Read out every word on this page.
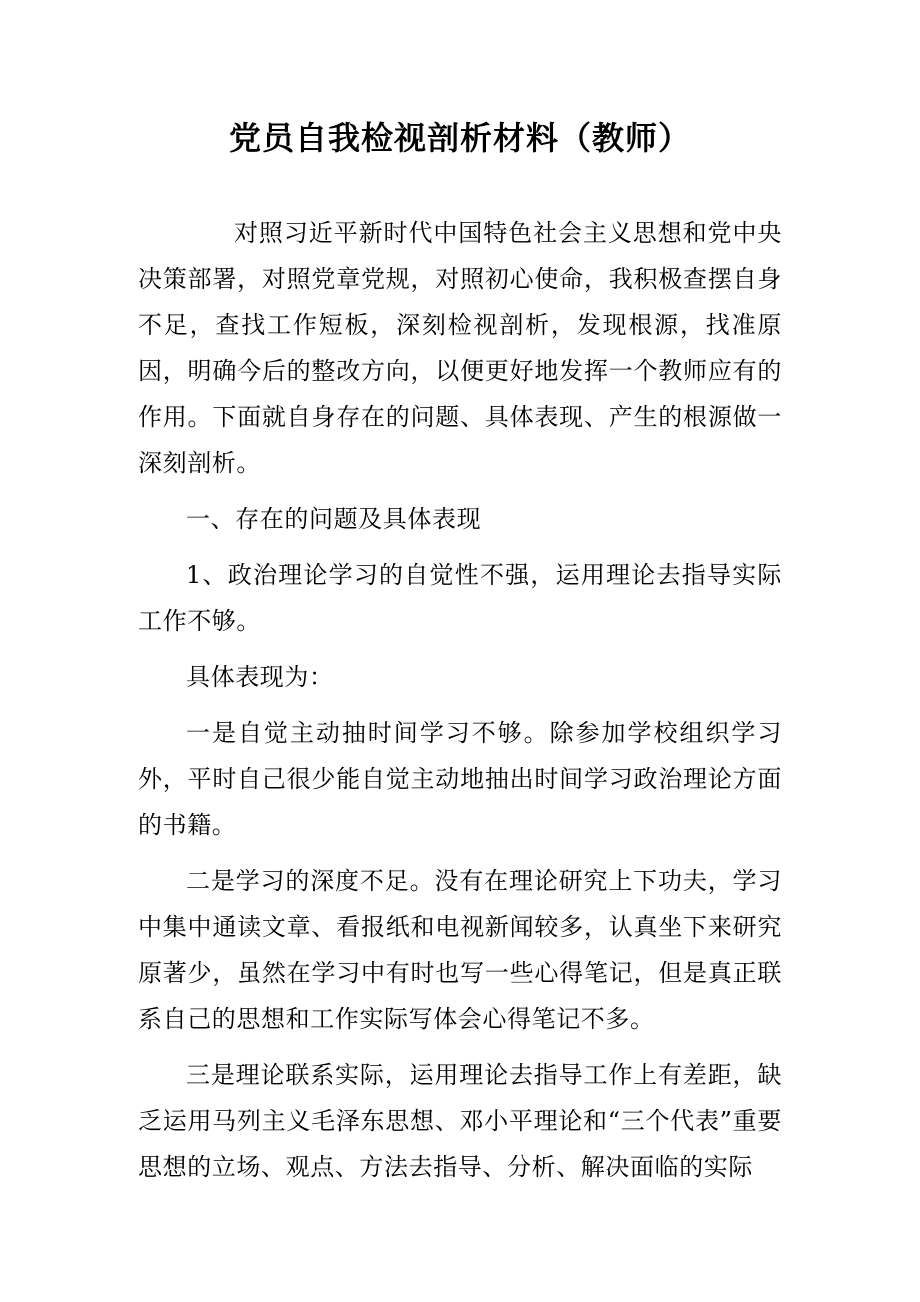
党员自我检视剖析材料（教师）

对照习近平新时代中国特色社会主义思想和党中央决策部署，对照党章党规，对照初心使命，我积极查摆自身不足，查找工作短板，深刻检视剖析，发现根源，找准原因，明确今后的整改方向，以便更好地发挥一个教师应有的作用。下面就自身存在的问题、具体表现、产生的根源做一深刻剖析。

一、存在的问题及具体表现

1、政治理论学习的自觉性不强，运用理论去指导实际工作不够。

具体表现为：

一是自觉主动抽时间学习不够。除参加学校组织学习外，平时自己很少能自觉主动地抽出时间学习政治理论方面的书籍。

二是学习的深度不足。没有在理论研究上下功夫，学习中集中通读文章、看报纸和电视新闻较多，认真坐下来研究原著少，虽然在学习中有时也写一些心得笔记，但是真正联系自己的思想和工作实际写体会心得笔记不多。

三是理论联系实际，运用理论去指导工作上有差距，缺乏运用马列主义毛泽东思想、邓小平理论和“三个代表”重要思想的立场、观点、方法去指导、分析、解决面临的实际
